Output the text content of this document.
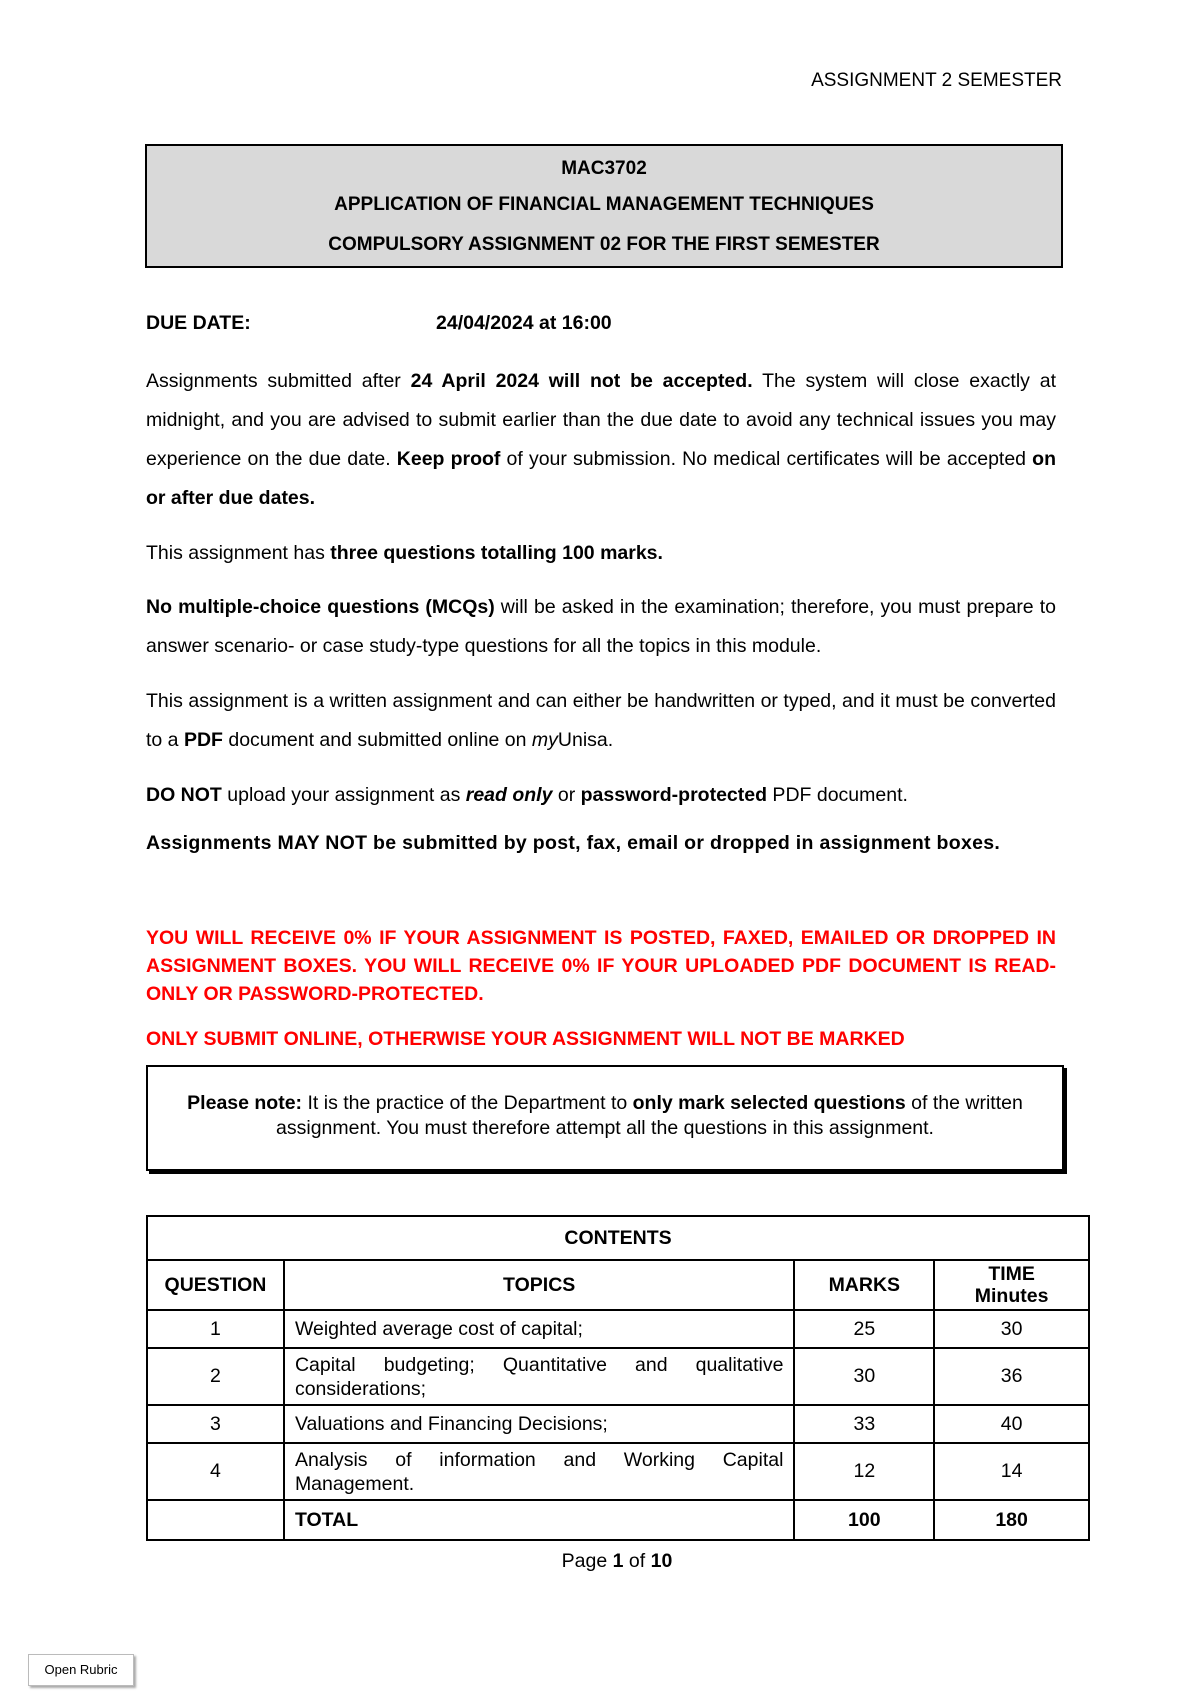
ASSIGNMENT 2 SEMESTER
MAC3702
APPLICATION OF FINANCIAL MANAGEMENT TECHNIQUES
COMPULSORY ASSIGNMENT 02 FOR THE FIRST SEMESTER
DUE DATE:	24/04/2024 at 16:00
Assignments submitted after 24 April 2024 will not be accepted. The system will close exactly at midnight, and you are advised to submit earlier than the due date to avoid any technical issues you may experience on the due date. Keep proof of your submission. No medical certificates will be accepted on or after due dates.
This assignment has three questions totalling 100 marks.
No multiple-choice questions (MCQs) will be asked in the examination; therefore, you must prepare to answer scenario- or case study-type questions for all the topics in this module.
This assignment is a written assignment and can either be handwritten or typed, and it must be converted to a PDF document and submitted online on myUnisa.
DO NOT upload your assignment as read only or password-protected PDF document.
Assignments MAY NOT be submitted by post, fax, email or dropped in assignment boxes.
YOU WILL RECEIVE 0% IF YOUR ASSIGNMENT IS POSTED, FAXED, EMAILED OR DROPPED IN ASSIGNMENT BOXES. YOU WILL RECEIVE 0% IF YOUR UPLOADED PDF DOCUMENT IS READ-ONLY OR PASSWORD-PROTECTED.
ONLY SUBMIT ONLINE, OTHERWISE YOUR ASSIGNMENT WILL NOT BE MARKED
Please note: It is the practice of the Department to only mark selected questions of the written assignment. You must therefore attempt all the questions in this assignment.
CONTENTS			
QUESTION	TOPICS	MARKS	TIME
Minutes

1	Weighted average cost of capital;	25	30
2	Capital budgeting; Quantitative and qualitative considerations;	30	36
3	Valuations and Financing Decisions;	33	40
4	Analysis of information and Working Capital Management.	12	14
	TOTAL	100	180
Page 1 of 10
Open Rubric
